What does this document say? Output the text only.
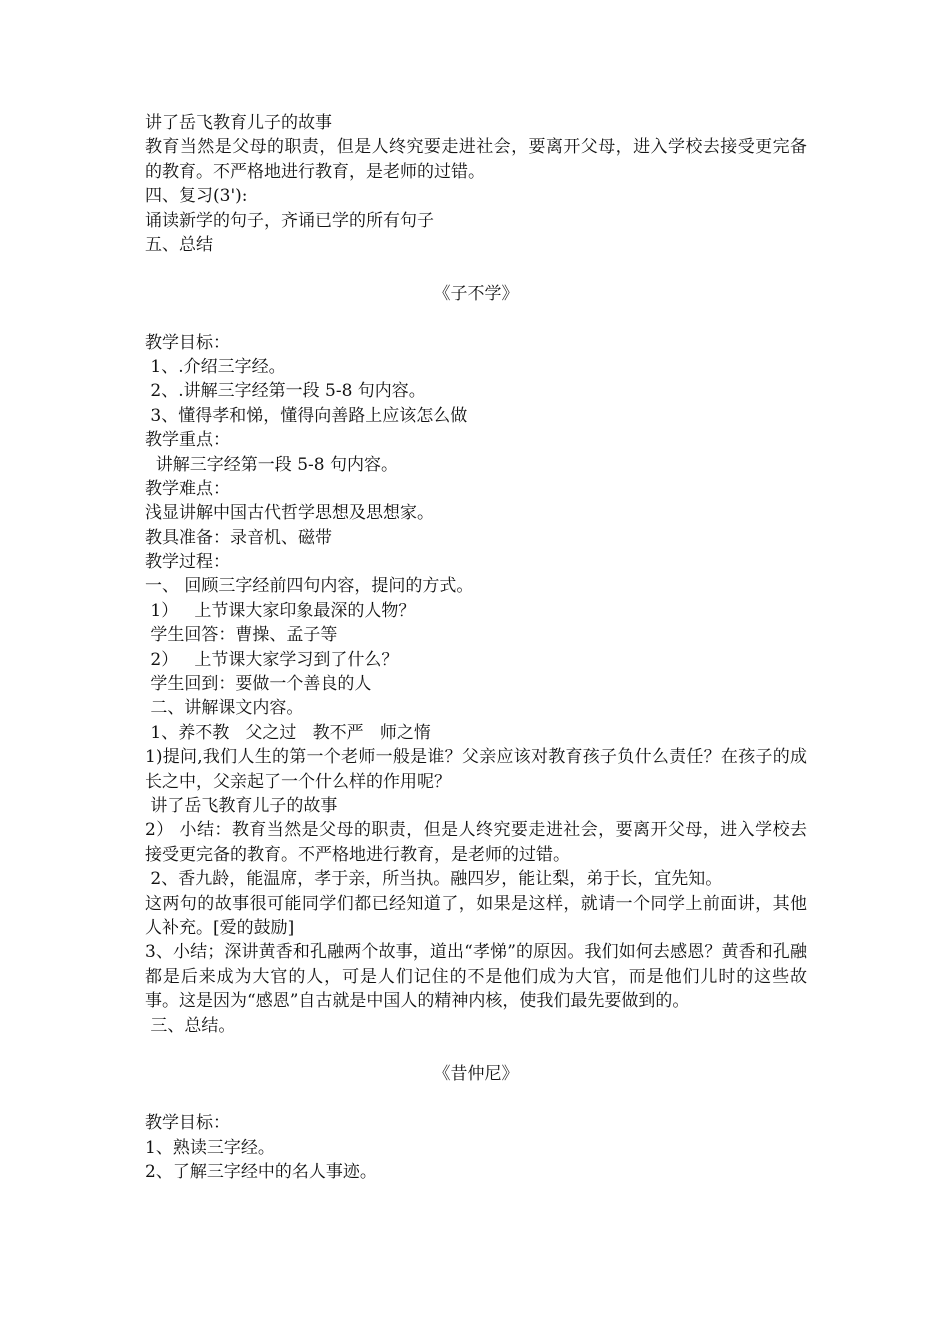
讲了岳飞教育儿子的故事
教育当然是父母的职责，但是人终究要走进社会，要离开父母，进入学校去接受更完备的教育。不严格地进行教育，是老师的过错。
四、复习(3'):
诵读新学的句子，齐诵已学的所有句子
五、总结
《子不学》
教学目标：
1、.介绍三字经。
2、.讲解三字经第一段 5-8 句内容。
3、懂得孝和悌，懂得向善路上应该怎么做
教学重点：
讲解三字经第一段 5-8 句内容。
教学难点：
浅显讲解中国古代哲学思想及思想家。
教具准备：录音机、磁带
教学过程：
一、 回顾三字经前四句内容，提问的方式。
1）   上节课大家印象最深的人物？
学生回答：曹操、孟子等
2）   上节课大家学习到了什么？
学生回到：要做一个善良的人
二、讲解课文内容。
1、养不教   父之过   教不严   师之惰
1)提问,我们人生的第一个老师一般是谁？父亲应该对教育孩子负什么责任？在孩子的成长之中，父亲起了一个什么样的作用呢？
讲了岳飞教育儿子的故事
2） 小结：教育当然是父母的职责，但是人终究要走进社会，要离开父母，进入学校去接受更完备的教育。不严格地进行教育，是老师的过错。
2、香九龄，能温席，孝于亲，所当执。融四岁，能让梨，弟于长，宜先知。
这两句的故事很可能同学们都已经知道了，如果是这样，就请一个同学上前面讲，其他人补充。[爱的鼓励]
3、小结；深讲黄香和孔融两个故事，道出“孝悌”的原因。我们如何去感恩？黄香和孔融都是后来成为大官的人，可是人们记住的不是他们成为大官，而是他们儿时的这些故事。这是因为“感恩”自古就是中国人的精神内核，使我们最先要做到的。
三、总结。
《昔仲尼》
教学目标：
1、熟读三字经。
2、了解三字经中的名人事迹。
